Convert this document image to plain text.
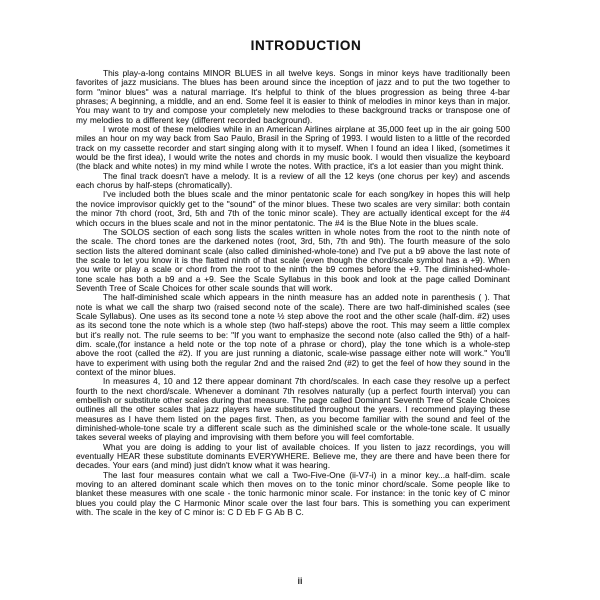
INTRODUCTION

This play-a-long contains MINOR BLUES in all twelve keys. Songs in minor keys have traditionally been favorites of jazz musicians. The blues has been around since the inception of jazz and to put the two together to form "minor blues" was a natural marriage. It's helpful to think of the blues progression as being three 4-bar phrases; A beginning, a middle, and an end. Some feel it is easier to think of melodies in minor keys than in major. You may want to try and compose your completely new melodies to these background tracks or transpose one of my melodies to a different key (different recorded background).

I wrote most of these melodies while in an American Airlines airplane at 35,000 feet up in the air going 500 miles an hour on my way back from Sao Paulo, Brasil in the Spring of 1993. I would listen to a little of the recorded track on my cassette recorder and start singing along with it to myself. When I found an idea I liked, (sometimes it would be the first idea), I would write the notes and chords in my music book. I would then visualize the keyboard (the black and white notes) in my mind while I wrote the notes. With practice, it's a lot easier than you might think.

The final track doesn't have a melody. It is a review of all the 12 keys (one chorus per key) and ascends each chorus by half-steps (chromatically).

I've included both the blues scale and the minor pentatonic scale for each song/key in hopes this will help the novice improvisor quickly get to the "sound" of the minor blues. These two scales are very similar: both contain the minor 7th chord (root, 3rd, 5th and 7th of the tonic minor scale). They are actually identical except for the #4 which occurs in the blues scale and not in the minor pentatonic. The #4 is the Blue Note in the blues scale.

The SOLOS section of each song lists the scales written in whole notes from the root to the ninth note of the scale. The chord tones are the darkened notes (root, 3rd, 5th, 7th and 9th). The fourth measure of the solo section lists the altered dominant scale (also called diminished-whole-tone) and I've put a b9 above the last note of the scale to let you know it is the flatted ninth of that scale (even though the chord/scale symbol has a +9). When you write or play a scale or chord from the root to the ninth the b9 comes before the +9. The diminished-whole-tone scale has both a b9 and a +9. See the Scale Syllabus in this book and look at the page called Dominant Seventh Tree of Scale Choices for other scale sounds that will work.

The half-diminished scale which appears in the ninth measure has an added note in parenthesis ( ). That note is what we call the sharp two (raised second note of the scale). There are two half-diminished scales (see Scale Syllabus). One uses as its second tone a note ½ step above the root and the other scale (half-dim. #2) uses as its second tone the note which is a whole step (two half-steps) above the root. This may seem a little complex but it's really not. The rule seems to be: "If you want to emphasize the second note (also called the 9th) of a half-dim. scale,(for instance a held note or the top note of a phrase or chord), play the tone which is a whole-step above the root (called the #2). If you are just running a diatonic, scale-wise passage either note will work." You'll have to experiment with using both the regular 2nd and the raised 2nd (#2) to get the feel of how they sound in the context of the minor blues.

In measures 4, 10 and 12 there appear dominant 7th chord/scales. In each case they resolve up a perfect fourth to the next chord/scale. Whenever a dominant 7th resolves naturally (up a perfect fourth interval) you can embellish or substitute other scales during that measure. The page called Dominant Seventh Tree of Scale Choices outlines all the other scales that jazz players have substituted throughout the years. I recommend playing these measures as I have them listed on the pages first. Then, as you become familiar with the sound and feel of the diminished-whole-tone scale try a different scale such as the diminished scale or the whole-tone scale. It usually takes several weeks of playing and improvising with them before you will feel comfortable.

What you are doing is adding to your list of available choices. If you listen to jazz recordings, you will eventually HEAR these substitute dominants EVERYWHERE. Believe me, they are there and have been there for decades. Your ears (and mind) just didn't know what it was hearing.

The last four measures contain what we call a Two-Five-One (ii-V7-i) in a minor key...a half-dim. scale moving to an altered dominant scale which then moves on to the tonic minor chord/scale. Some people like to blanket these measures with one scale - the tonic harmonic minor scale. For instance: in the tonic key of C minor blues you could play the C Harmonic Minor scale over the last four bars. This is something you can experiment with. The scale in the key of C minor is: C D Eb F G Ab B C.

ii
